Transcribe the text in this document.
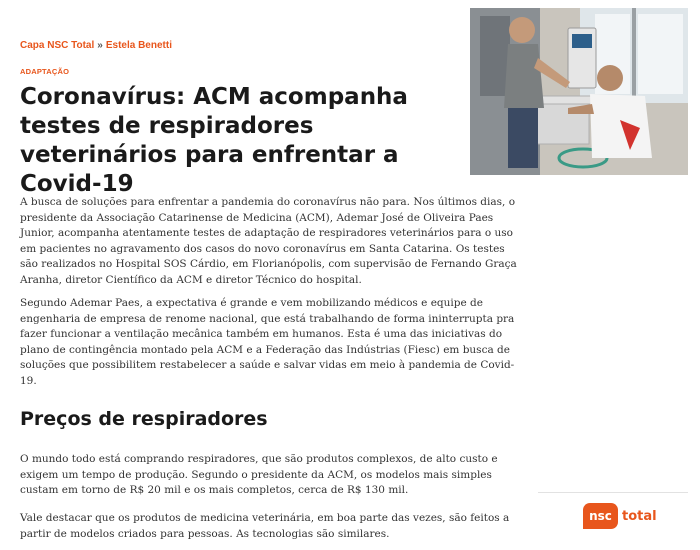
Capa NSC Total » Estela Benetti
ADAPTAÇÃO
Coronavírus: ACM acompanha testes de respiradores veterinários para enfrentar a Covid-19

A busca de soluções para enfrentar a pandemia do coronavírus não para. Nos últimos dias, o presidente da Associação Catarinense de Medicina (ACM), Ademar José de Oliveira Paes Junior, acompanha atentamente testes de adaptação de respiradores veterinários para o uso em pacientes no agravamento dos casos do novo coronavírus em Santa Catarina. Os testes são realizados no Hospital SOS Cárdio, em Florianópolis, com supervisão de Fernando Graça Aranha, diretor Científico da ACM e diretor Técnico do hospital.

Segundo Ademar Paes, a expectativa é grande e vem mobilizando médicos e equipe de engenharia de empresa de renome nacional, que está trabalhando de forma ininterrupta pra fazer funcionar a ventilação mecânica também em humanos. Esta é uma das iniciativas do plano de contingência montado pela ACM e a Federação das Indústrias (Fiesc) em busca de soluções que possibilitem restabelecer a saúde e salvar vidas em meio à pandemia de Covid-19.

Preços de respiradores

O mundo todo está comprando respiradores, que são produtos complexos, de alto custo e exigem um tempo de produção. Segundo o presidente da ACM, os modelos mais simples custam em torno de R$ 20 mil e os mais completos, cerca de R$ 130 mil.

Vale destacar que os produtos de medicina veterinária, em boa parte das vezes, são feitos a partir de modelos criados para pessoas. As tecnologias são similares.

nsc total
